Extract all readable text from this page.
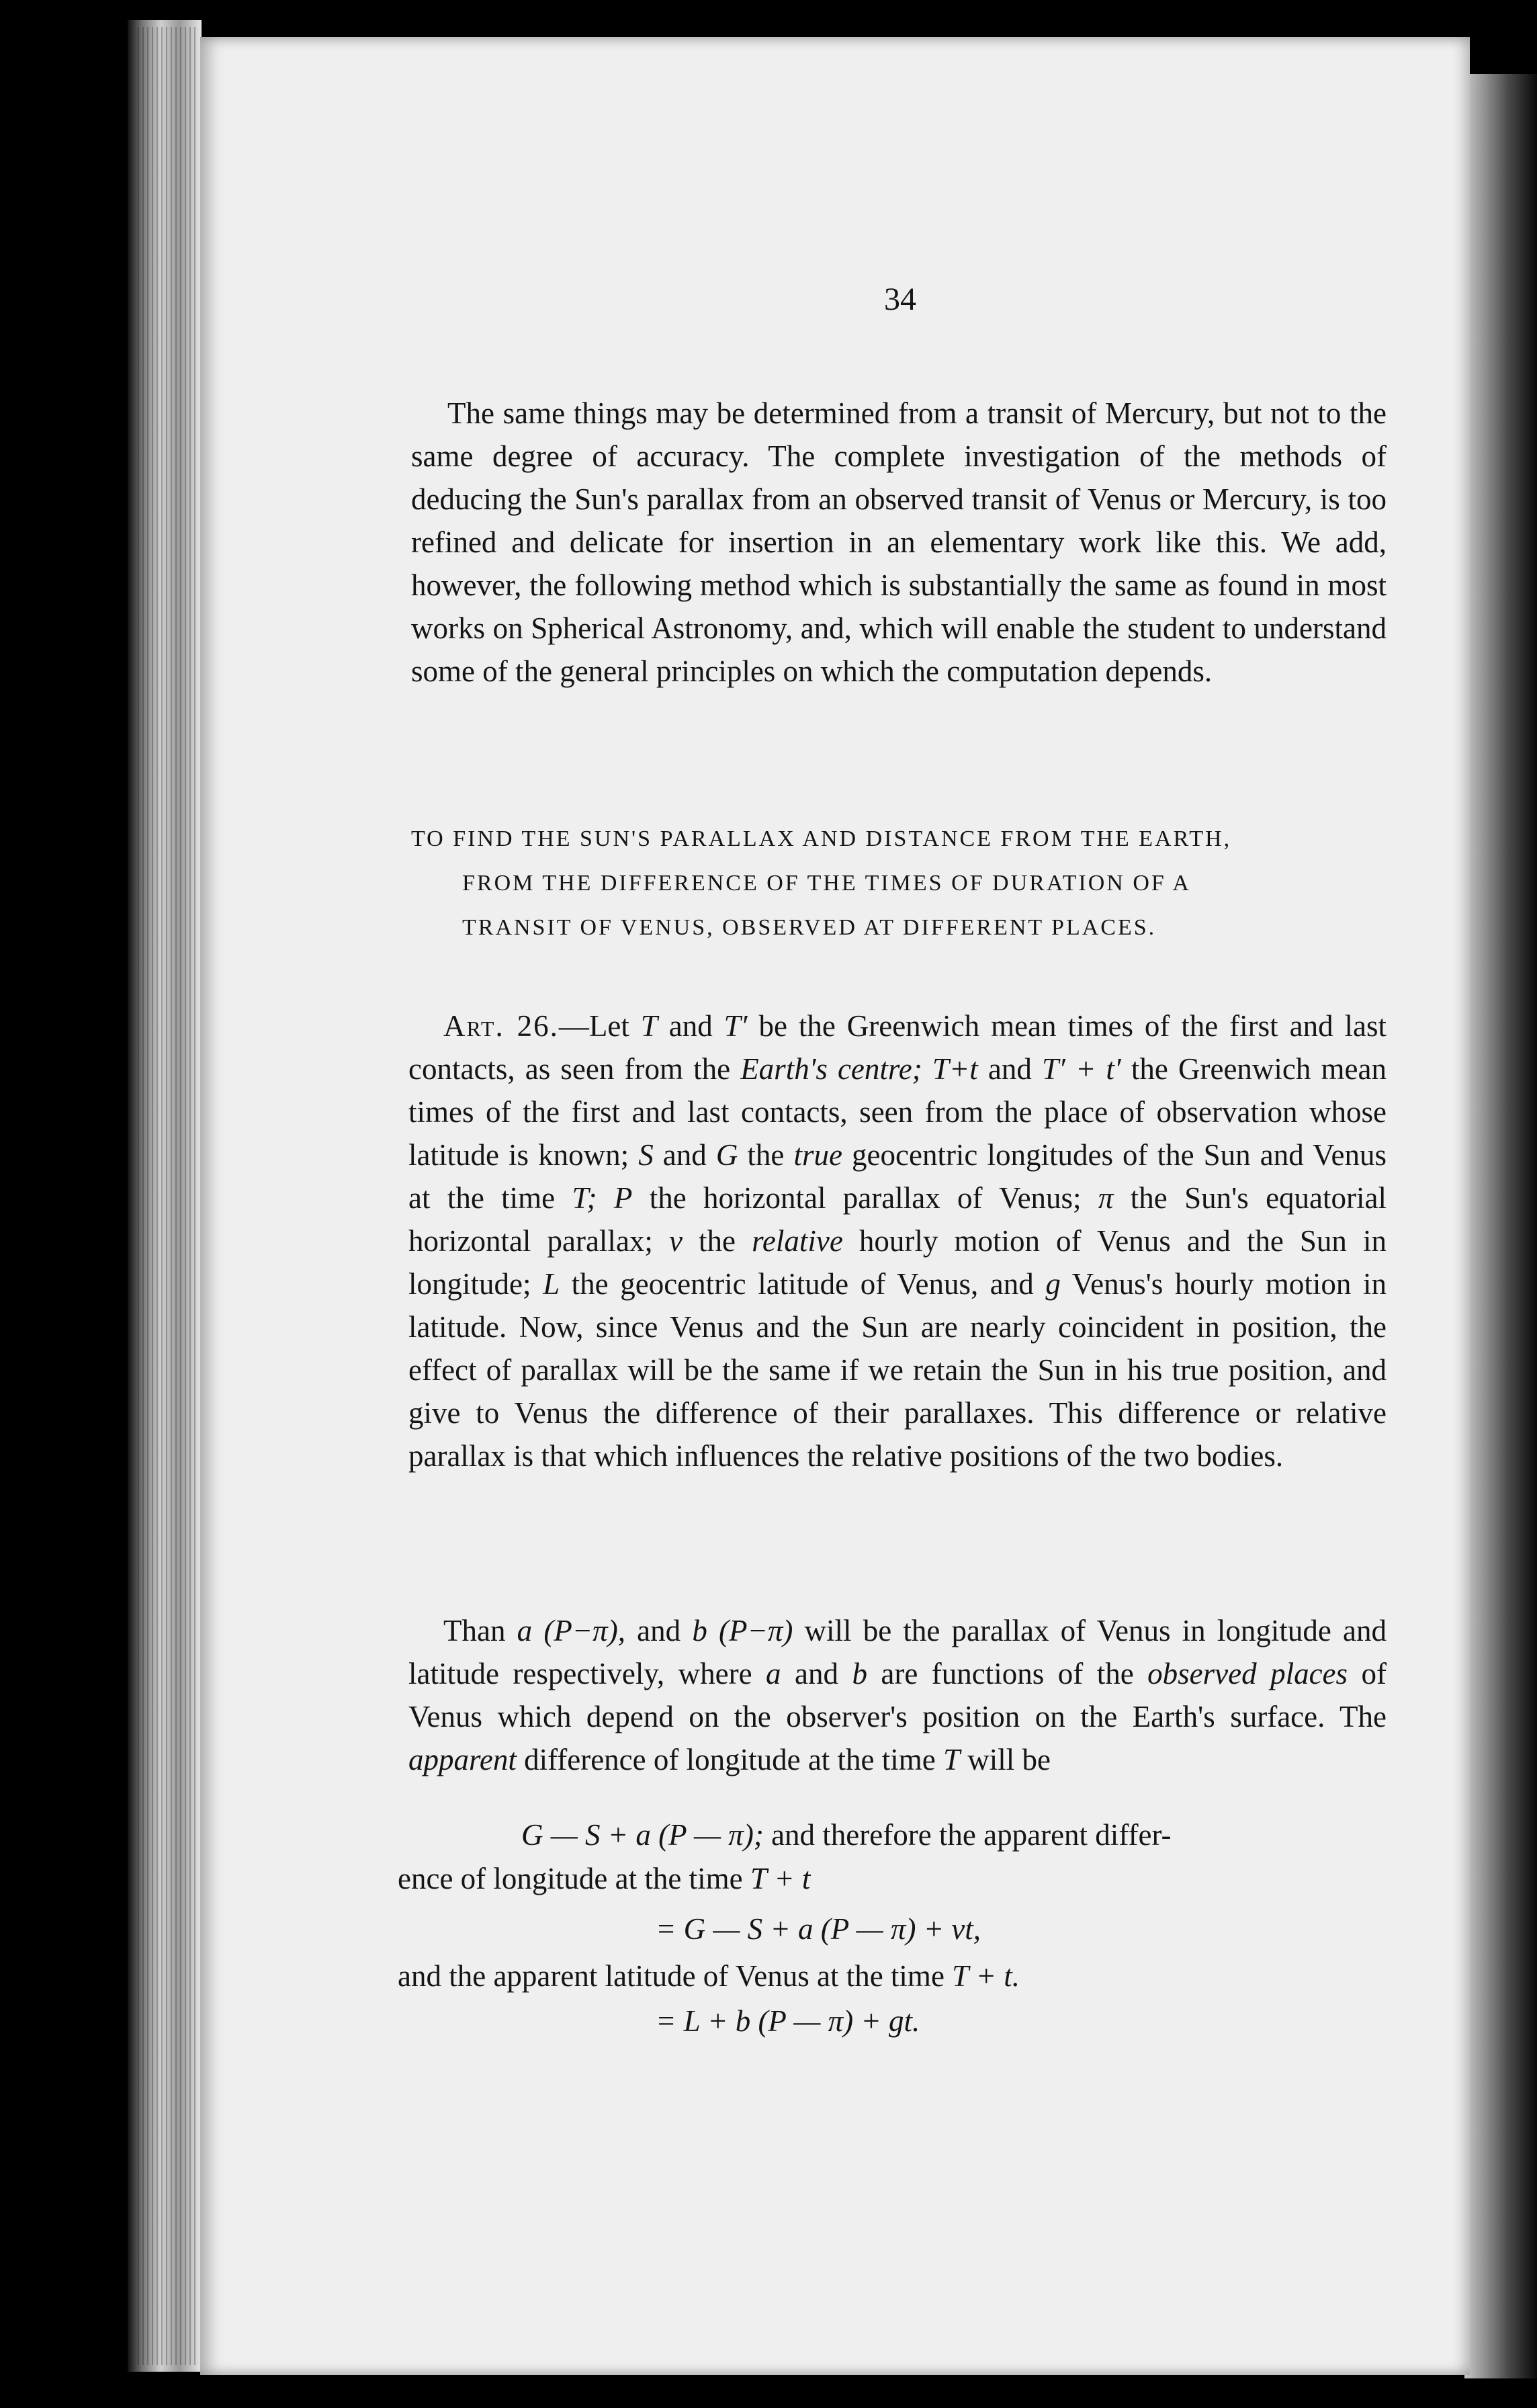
34

The same things may be determined from a transit of Mercury, but not to the same degree of accuracy. The complete investigation of the methods of deducing the Sun's parallax from an observed transit of Venus or Mercury, is too refined and delicate for insertion in an elementary work like this. We add, however, the following method which is substantially the same as found in most works on Spherical Astronomy, and, which will enable the student to understand some of the general principles on which the computation depends.

TO FIND THE SUN'S PARALLAX AND DISTANCE FROM THE EARTH,
FROM THE DIFFERENCE OF THE TIMES OF DURATION OF A
TRANSIT OF VENUS, OBSERVED AT DIFFERENT PLACES.

Art. 26.—Let T and T′ be the Greenwich mean times of the first and last contacts, as seen from the Earth's centre; T+t and T′ + t′ the Greenwich mean times of the first and last contacts, seen from the place of observation whose latitude is known; S and G the true geocentric longitudes of the Sun and Venus at the time T; P the horizontal parallax of Venus; π the Sun's equatorial horizontal parallax; v the relative hourly motion of Venus and the Sun in longitude; L the geocentric latitude of Venus, and g Venus's hourly motion in latitude. Now, since Venus and the Sun are nearly coincident in position, the effect of parallax will be the same if we retain the Sun in his true position, and give to Venus the difference of their parallaxes. This difference or relative parallax is that which influences the relative positions of the two bodies.

Than a (P−π), and b (P−π) will be the parallax of Venus in longitude and latitude respectively, where a and b are functions of the observed places of Venus which depend on the observer's position on the Earth's surface. The apparent difference of longitude at the time T will be

G — S + a (P — π); and therefore the apparent differ-
ence of longitude at the time T + t
= G — S + a (P — π) + vt,
and the apparent latitude of Venus at the time T + t.
= L + b (P — π) + gt.
